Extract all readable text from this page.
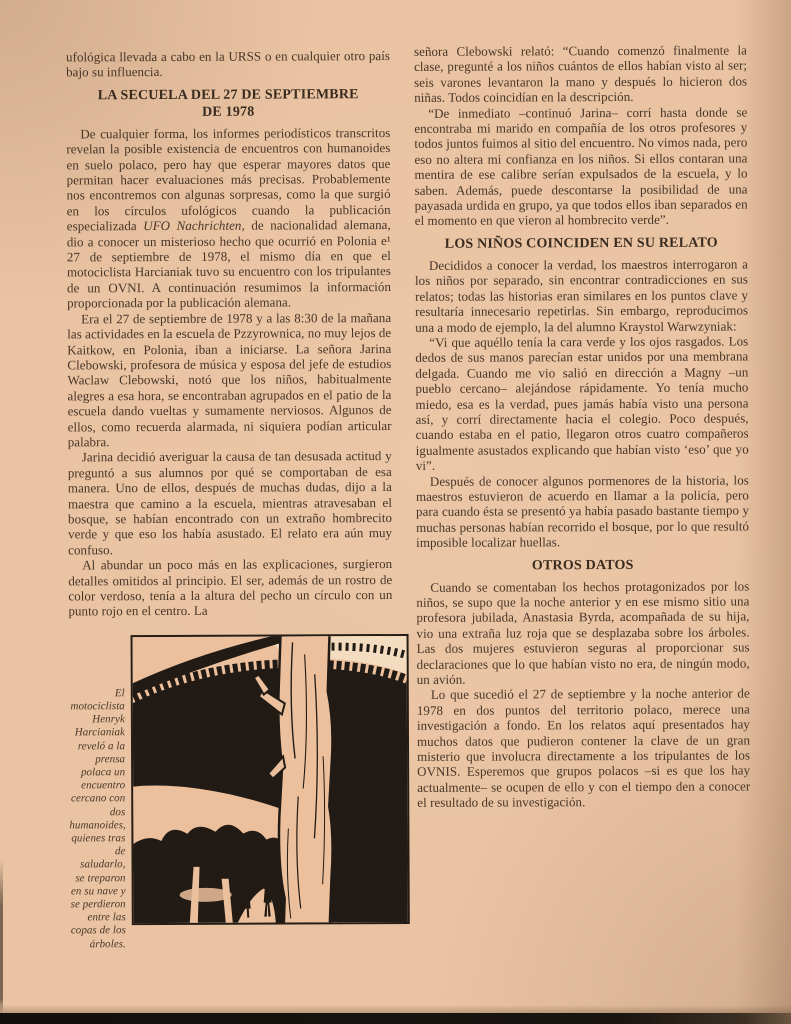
ufológica llevada a cabo en la URSS o en cualquier otro país bajo su influencia.

LA SECUELA DEL 27 DE SEPTIEMBRE
DE 1978

De cualquier forma, los informes periodísticos transcritos revelan la posible existencia de encuentros con humanoides en suelo polaco, pero hay que esperar mayores datos que permitan hacer evaluaciones más precisas. Probablemente nos encontremos con algunas sorpresas, como la que surgió en los círculos ufológicos cuando la publicación especializada UFO Nachrichten, de nacionalidad alemana, dio a conocer un misterioso hecho que ocurrió en Polonia e¹ 27 de septiembre de 1978, el mismo día en que el motociclista Harcianiak tuvo su encuentro con los tripulantes de un OVNI. A continuación resumimos la información proporcionada por la publicación alemana.

Era el 27 de septiembre de 1978 y a las 8:30 de la mañana las actividades en la escuela de Pzzyrownica, no muy lejos de Kaitkow, en Polonia, iban a iniciarse. La señora Jarina Clebowski, profesora de música y esposa del jefe de estudios Waclaw Clebowski, notó que los niños, habitualmente alegres a esa hora, se encontraban agrupados en el patio de la escuela dando vueltas y sumamente nerviosos. Algunos de ellos, como recuerda alarmada, ni siquiera podían articular palabra.

Jarina decidió averiguar la causa de tan desusada actitud y preguntó a sus alumnos por qué se comportaban de esa manera. Uno de ellos, después de muchas dudas, dijo a la maestra que camino a la escuela, mientras atravesaban el bosque, se habían encontrado con un extraño hombrecito verde y que eso los había asustado. El relato era aún muy confuso.

Al abundar un poco más en las explicaciones, surgieron detalles omitidos al principio. El ser, además de un rostro de color verdoso, tenía a la altura del pecho un círculo con un punto rojo en el centro. La

El motociclista Henryk Harcianiak reveló a la prensa polaca un encuentro cercano con dos humanoides, quienes tras de saludarlo, se treparon en su nave y se perdieron entre las copas de los árboles.

señora Clebowski relató: “Cuando comenzó finalmente la clase, pregunté a los niños cuántos de ellos habían visto al ser; seis varones levantaron la mano y después lo hicieron dos niñas. Todos coincidían en la descripción.

“De inmediato –continuó Jarina– corrí hasta donde se encontraba mi marido en compañía de los otros profesores y todos juntos fuimos al sitio del encuentro. No vimos nada, pero eso no altera mi confianza en los niños. Si ellos contaran una mentira de ese calibre serían expulsados de la escuela, y lo saben. Además, puede descontarse la posibilidad de una payasada urdida en grupo, ya que todos ellos iban separados en el momento en que vieron al hombrecito verde”.

LOS NIÑOS COINCIDEN EN SU RELATO

Decididos a conocer la verdad, los maestros interrogaron a los niños por separado, sin encontrar contradicciones en sus relatos; todas las historias eran similares en los puntos clave y resultaría innecesario repetirlas. Sin embargo, reproducimos una a modo de ejemplo, la del alumno Kraystol Warwzyniak:

“Vi que aquéllo tenía la cara verde y los ojos rasgados. Los dedos de sus manos parecían estar unidos por una membrana delgada. Cuando me vio salió en dirección a Magny –un pueblo cercano– alejándose rápidamente. Yo tenía mucho miedo, esa es la verdad, pues jamás había visto una persona así, y corrí directamente hacia el colegio. Poco después, cuando estaba en el patio, llegaron otros cuatro compañeros igualmente asustados explicando que habían visto ‘eso’ que yo vi”.

Después de conocer algunos pormenores de la historia, los maestros estuvieron de acuerdo en llamar a la policía, pero para cuando ésta se presentó ya había pasado bastante tiempo y muchas personas habían recorrido el bosque, por lo que resultó imposible localizar huellas.

OTROS DATOS

Cuando se comentaban los hechos protagonizados por los niños, se supo que la noche anterior y en ese mismo sitio una profesora jubilada, Anastasia Byrda, acompañada de su hija, vio una extraña luz roja que se desplazaba sobre los árboles. Las dos mujeres estuvieron seguras al proporcionar sus declaraciones que lo que habían visto no era, de ningún modo, un avión.

Lo que sucedió el 27 de septiembre y la noche anterior de 1978 en dos puntos del territorio polaco, merece una investigación a fondo. En los relatos aquí presentados hay muchos datos que pudieron contener la clave de un gran misterio que involucra directamente a los tripulantes de los OVNIS. Esperemos que grupos polacos –si es que los hay actualmente– se ocupen de ello y con el tiempo den a conocer el resultado de su investigación.
